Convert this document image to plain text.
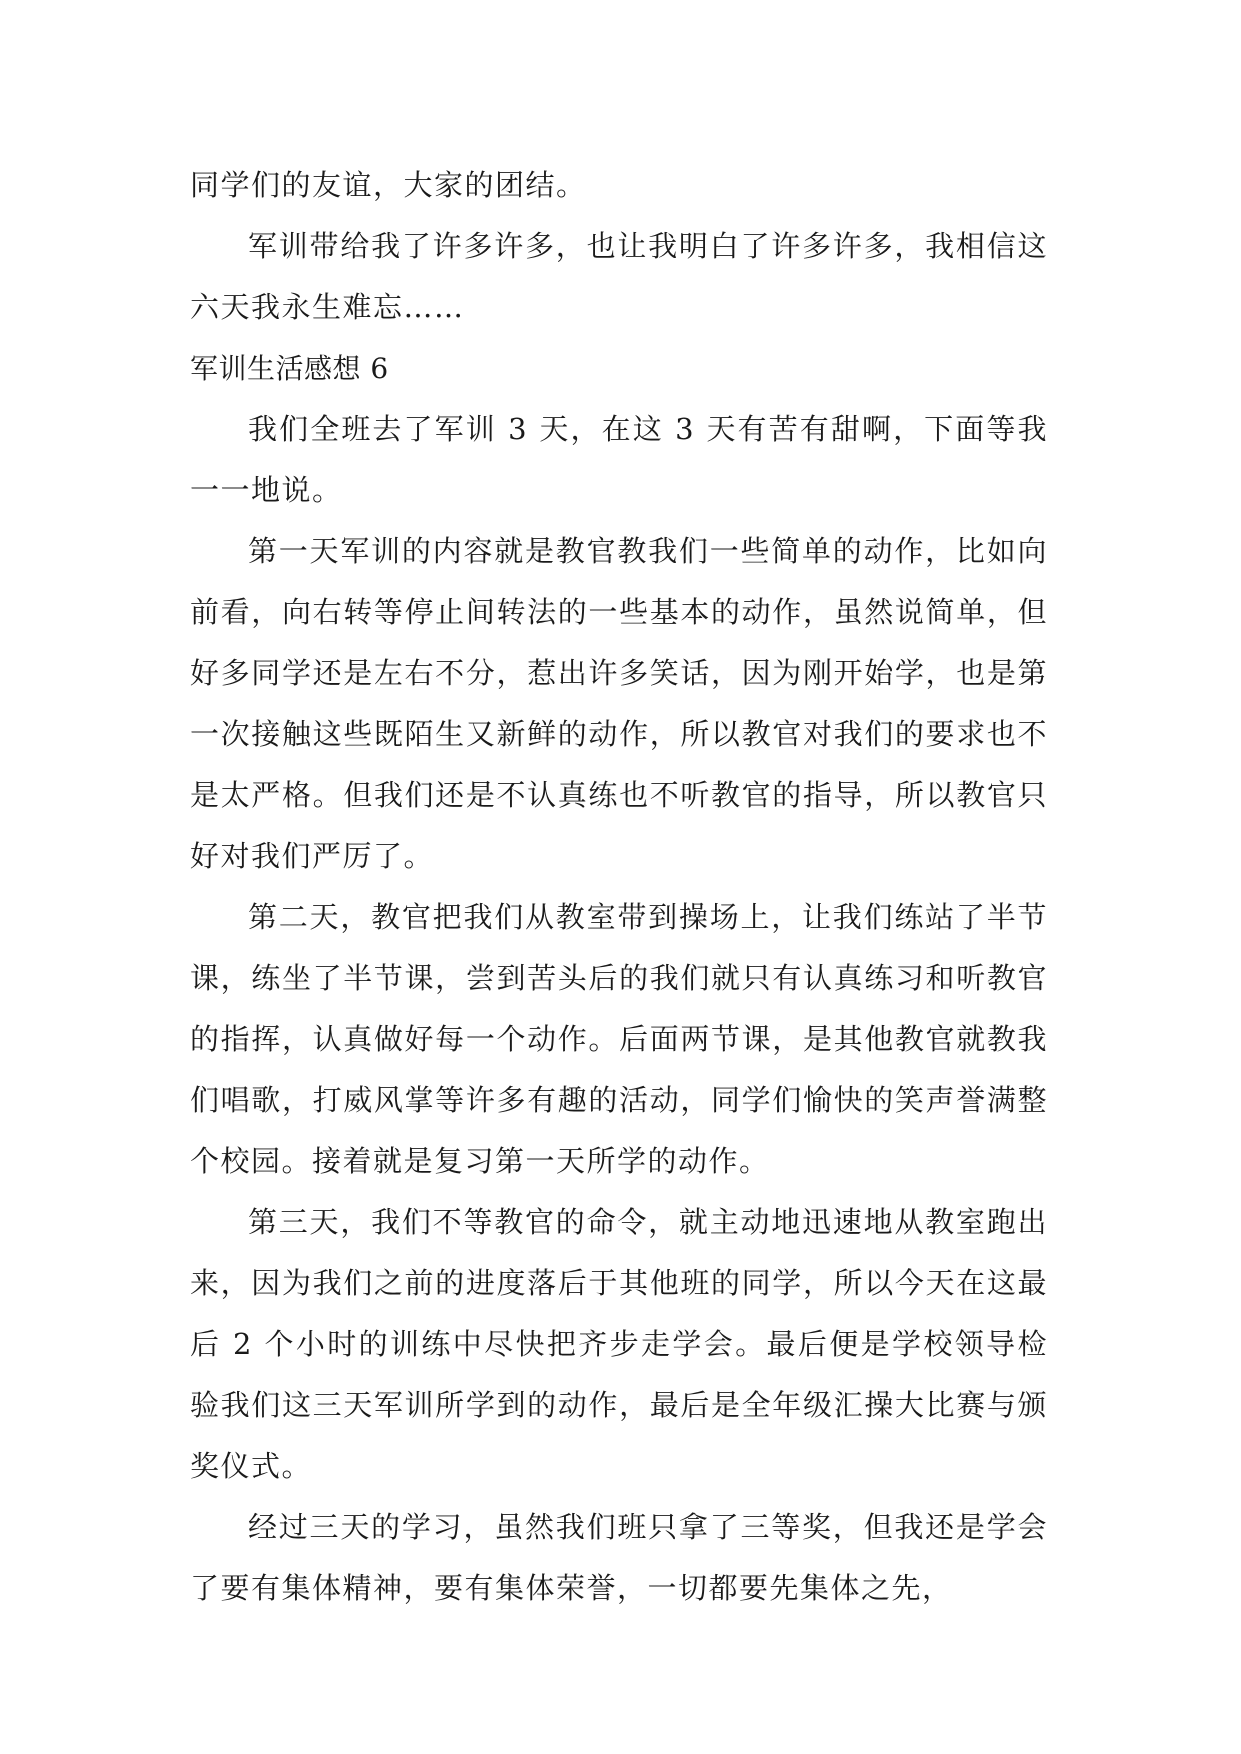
同学们的友谊，大家的团结。

军训带给我了许多许多，也让我明白了许多许多，我相信这六天我永生难忘……

军训生活感想 6

我们全班去了军训 3 天，在这 3 天有苦有甜啊，下面等我一一地说。

第一天军训的内容就是教官教我们一些简单的动作，比如向前看，向右转等停止间转法的一些基本的动作，虽然说简单，但好多同学还是左右不分，惹出许多笑话，因为刚开始学，也是第一次接触这些既陌生又新鲜的动作，所以教官对我们的要求也不是太严格。但我们还是不认真练也不听教官的指导，所以教官只好对我们严厉了。

第二天，教官把我们从教室带到操场上，让我们练站了半节课，练坐了半节课，尝到苦头后的我们就只有认真练习和听教官的指挥，认真做好每一个动作。后面两节课，是其他教官就教我们唱歌，打威风掌等许多有趣的活动，同学们愉快的笑声誉满整个校园。接着就是复习第一天所学的动作。

第三天，我们不等教官的命令，就主动地迅速地从教室跑出来，因为我们之前的进度落后于其他班的同学，所以今天在这最后 2 个小时的训练中尽快把齐步走学会。最后便是学校领导检验我们这三天军训所学到的动作，最后是全年级汇操大比赛与颁奖仪式。

经过三天的学习，虽然我们班只拿了三等奖，但我还是学会了要有集体精神，要有集体荣誉，一切都要先集体之先，
